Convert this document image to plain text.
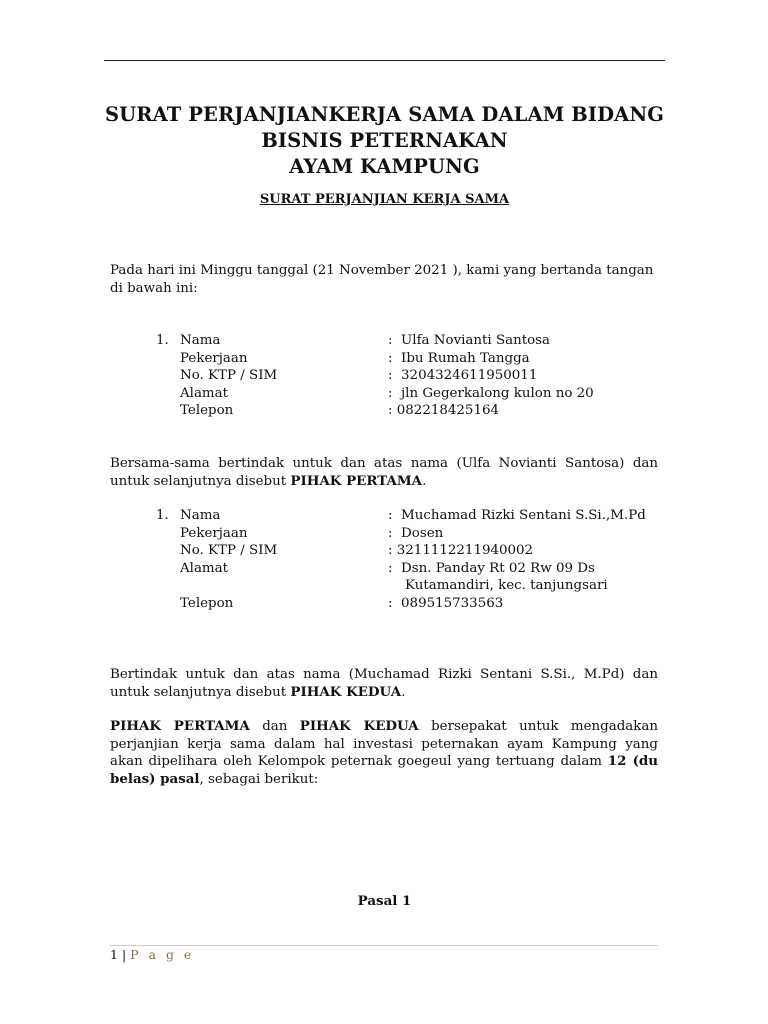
SURAT PERJANJIANKERJA SAMA DALAM BIDANG
BISNIS PETERNAKAN
AYAM KAMPUNG
SURAT PERJANJIAN KERJA SAMA
Pada hari ini Minggu tanggal (21 November 2021 ), kami yang bertanda tangan
di bawah ini:
1. Nama	:  Ulfa Novianti Santosa
Pekerjaan	:  Ibu Rumah Tangga
No. KTP / SIM	:  3204324611950011
Alamat	:  jln Gegerkalong kulon no 20
Telepon	: 082218425164
Bersama-sama bertindak untuk dan atas nama (Ulfa Novianti Santosa) dan
untuk selanjutnya disebut PIHAK PERTAMA.
1. Nama	:  Muchamad Rizki Sentani S.Si.,M.Pd
Pekerjaan	:  Dosen
No. KTP / SIM	: 3211112211940002
Alamat	:  Dsn. Panday Rt 02 Rw 09 Ds
Kutamandiri, kec. tanjungsari
Telepon	:  089515733563
Bertindak untuk dan atas nama (Muchamad Rizki Sentani S.Si., M.Pd) dan
untuk selanjutnya disebut PIHAK KEDUA.
PIHAK PERTAMA dan PIHAK KEDUA bersepakat untuk mengadakan
perjanjian kerja sama dalam hal investasi peternakan ayam Kampung yang
akan dipelihara oleh Kelompok peternak goegeul yang tertuang dalam 12 (du
belas) pasal, sebagai berikut:
Pasal 1
1 | P a g e
